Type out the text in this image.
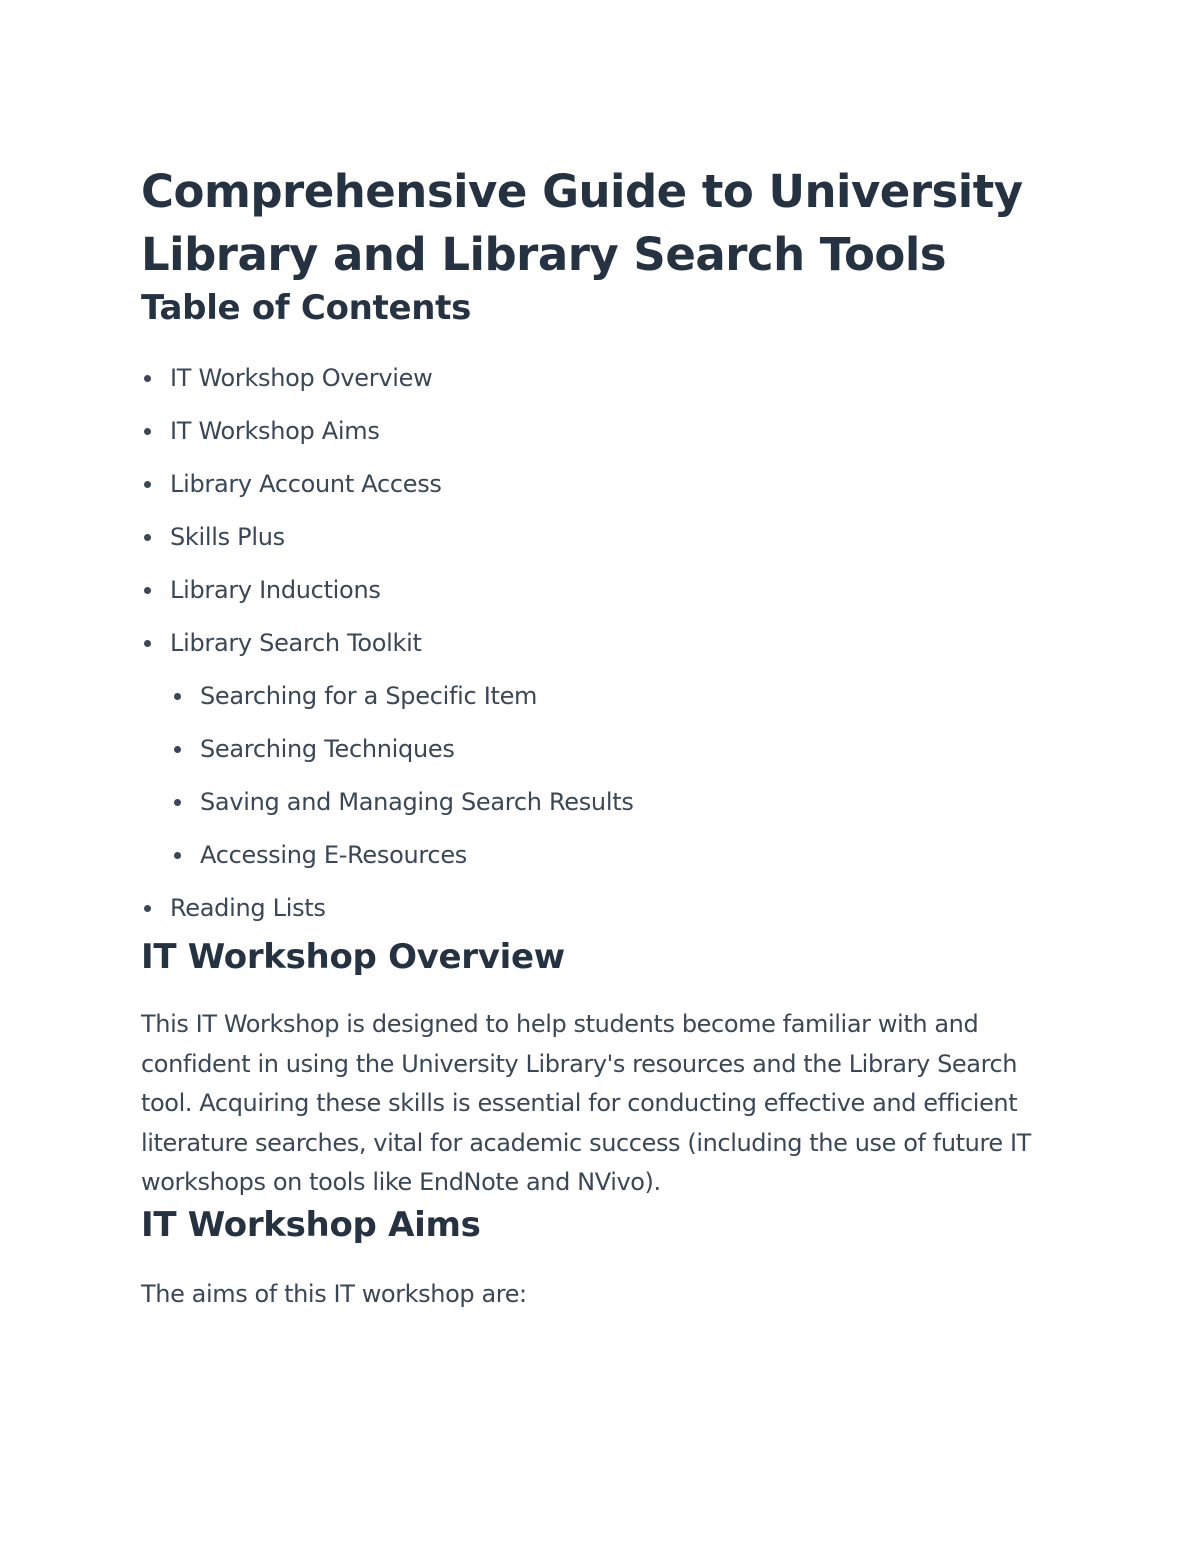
Comprehensive Guide to University Library and Library Search Tools
Table of Contents
IT Workshop Overview
IT Workshop Aims
Library Account Access
Skills Plus
Library Inductions
Library Search Toolkit
Searching for a Specific Item
Searching Techniques
Saving and Managing Search Results
Accessing E-Resources
Reading Lists
IT Workshop Overview

This IT Workshop is designed to help students become familiar with and confident in using the University Library's resources and the Library Search tool. Acquiring these skills is essential for conducting effective and efficient literature searches, vital for academic success (including the use of future IT workshops on tools like EndNote and NVivo).

IT Workshop Aims

The aims of this IT workshop are:
